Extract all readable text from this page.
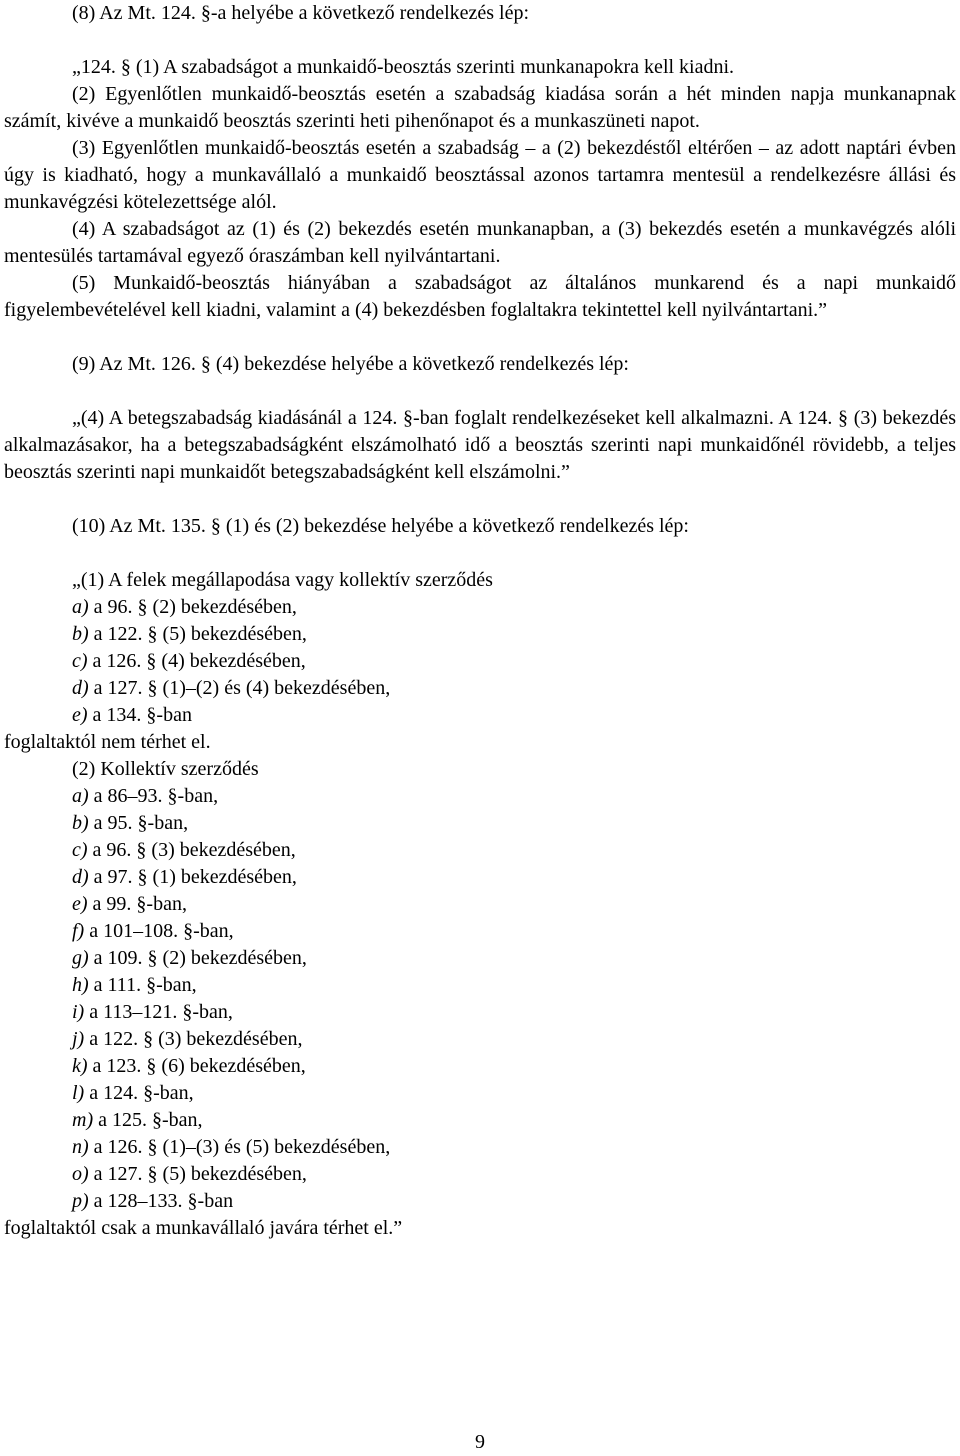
(8) Az Mt. 124. §-a helyébe a következő rendelkezés lép:

„124. § (1) A szabadságot a munkaidő-beosztás szerinti munkanapokra kell kiadni.

(2) Egyenlőtlen munkaidő-beosztás esetén a szabadság kiadása során a hét minden napja munkanapnak számít, kivéve a munkaidő beosztás szerinti heti pihenőnapot és a munkaszüneti napot.

(3) Egyenlőtlen munkaidő-beosztás esetén a szabadság – a (2) bekezdéstől eltérően – az adott naptári évben úgy is kiadható, hogy a munkavállaló a munkaidő beosztással azonos tartamra mentesül a rendelkezésre állási és munkavégzési kötelezettsége alól.

(4) A szabadságot az (1) és (2) bekezdés esetén munkanapban, a (3) bekezdés esetén a munkavégzés alóli mentesülés tartamával egyező óraszámban kell nyilvántartani.

(5) Munkaidő-beosztás hiányában a szabadságot az általános munkarend és a napi munkaidő figyelembevételével kell kiadni, valamint a (4) bekezdésben foglaltakra tekintettel kell nyilvántartani.”

(9) Az Mt. 126. § (4) bekezdése helyébe a következő rendelkezés lép:

„(4) A betegszabadság kiadásánál a 124. §-ban foglalt rendelkezéseket kell alkalmazni. A 124. § (3) bekezdés alkalmazásakor, ha a betegszabadságként elszámolható idő a beosztás szerinti napi munkaidőnél rövidebb, a teljes beosztás szerinti napi munkaidőt betegszabadságként kell elszámolni.”

(10) Az Mt. 135. § (1) és (2) bekezdése helyébe a következő rendelkezés lép:

„(1) A felek megállapodása vagy kollektív szerződés

a) a 96. § (2) bekezdésében,

b) a 122. § (5) bekezdésében,

c) a 126. § (4) bekezdésében,

d) a 127. § (1)–(2) és (4) bekezdésében,

e) a 134. §-ban

foglaltaktól nem térhet el.

(2) Kollektív szerződés

a) a 86–93. §-ban,

b) a 95. §-ban,

c) a 96. § (3) bekezdésében,

d) a 97. § (1) bekezdésében,

e) a 99. §-ban,

f) a 101–108. §-ban,

g) a 109. § (2) bekezdésében,

h) a 111. §-ban,

i) a 113–121. §-ban,

j) a 122. § (3) bekezdésében,

k) a 123. § (6) bekezdésében,

l) a 124. §-ban,

m) a 125. §-ban,

n) a 126. § (1)–(3) és (5) bekezdésében,

o) a 127. § (5) bekezdésében,

p) a 128–133. §-ban

foglaltaktól csak a munkavállaló javára térhet el.”

9
